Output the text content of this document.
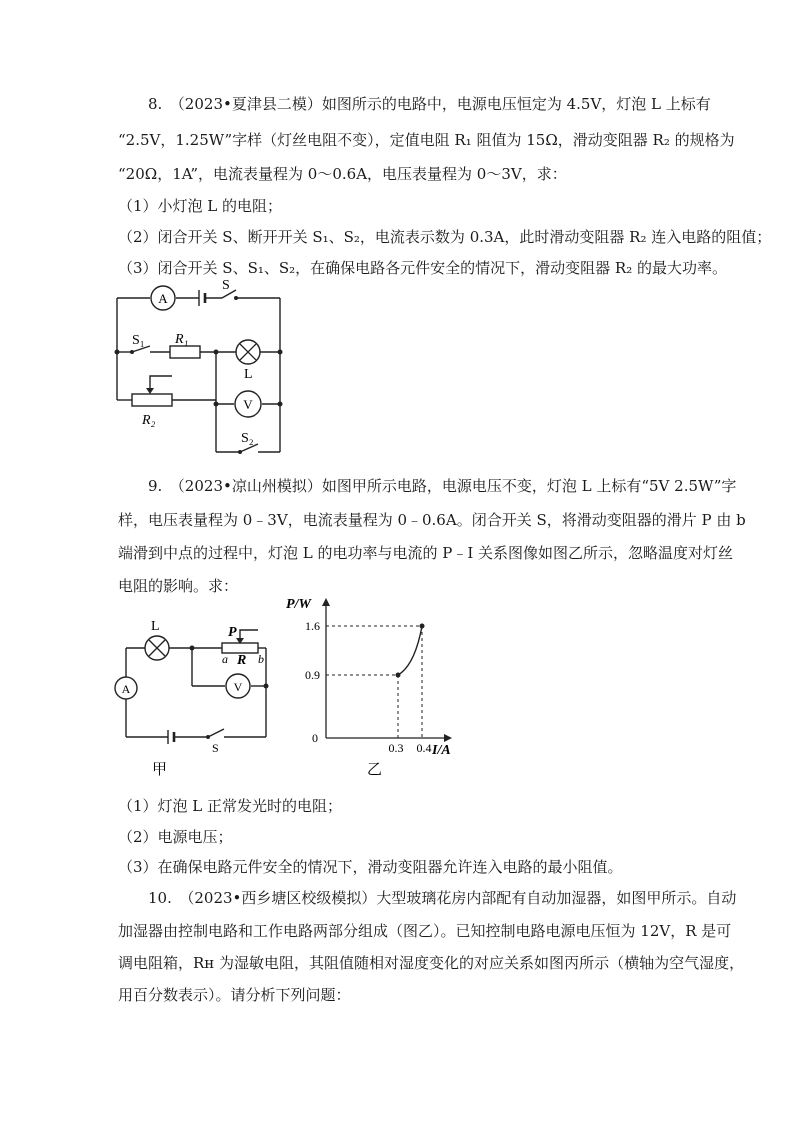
8.　（2023•夏津县二模）如图所示的电路中，电源电压恒定为 4.5V，灯泡 L 上标有
“2.5V，1.25W”字样（灯丝电阻不变），定值电阻 R₁ 阻值为 15Ω，滑动变阻器 R₂ 的规格为
“20Ω，1A”，电流表量程为 0～0.6A，电压表量程为 0～3V，求：
（1）小灯泡 L 的电阻；
（2）闭合开关 S、断开开关 S₁、S₂，电流表示数为 0.3A，此时滑动变阻器 R₂ 连入电路的阻值；
（3）闭合开关 S、S₁、S₂，在确保电路各元件安全的情况下，滑动变阻器 R₂ 的最大功率。
A
L
V
S
S₁ R₁
R₂
S₂
9.　（2023•凉山州模拟）如图甲所示电路，电源电压不变，灯泡 L 上标有“5V 2.5W”字
样，电压表量程为 0﹣3V，电流表量程为 0﹣0.6A。闭合开关 S，将滑动变阻器的滑片 P 由 b
端滑到中点的过程中，灯泡 L 的电功率与电流的 P﹣I 关系图像如图乙所示，忽略温度对灯丝
电阻的影响。求：
L
A	V
P
R
a	b
S
甲
P/W
I/A
0
1.6
0.9
0.3 0.4
乙
（1）灯泡 L 正常发光时的电阻；
（2）电源电压；
（3）在确保电路元件安全的情况下，滑动变阻器允许连入电路的最小阻值。
10.　（2023•西乡塘区校级模拟）大型玻璃花房内部配有自动加湿器，如图甲所示。自动
加湿器由控制电路和工作电路两部分组成（图乙）。已知控制电路电源电压恒为 12V，R 是可
调电阻箱，Rʜ 为湿敏电阻，其阻值随相对湿度变化的对应关系如图丙所示（横轴为空气湿度，
用百分数表示）。请分析下列问题：
